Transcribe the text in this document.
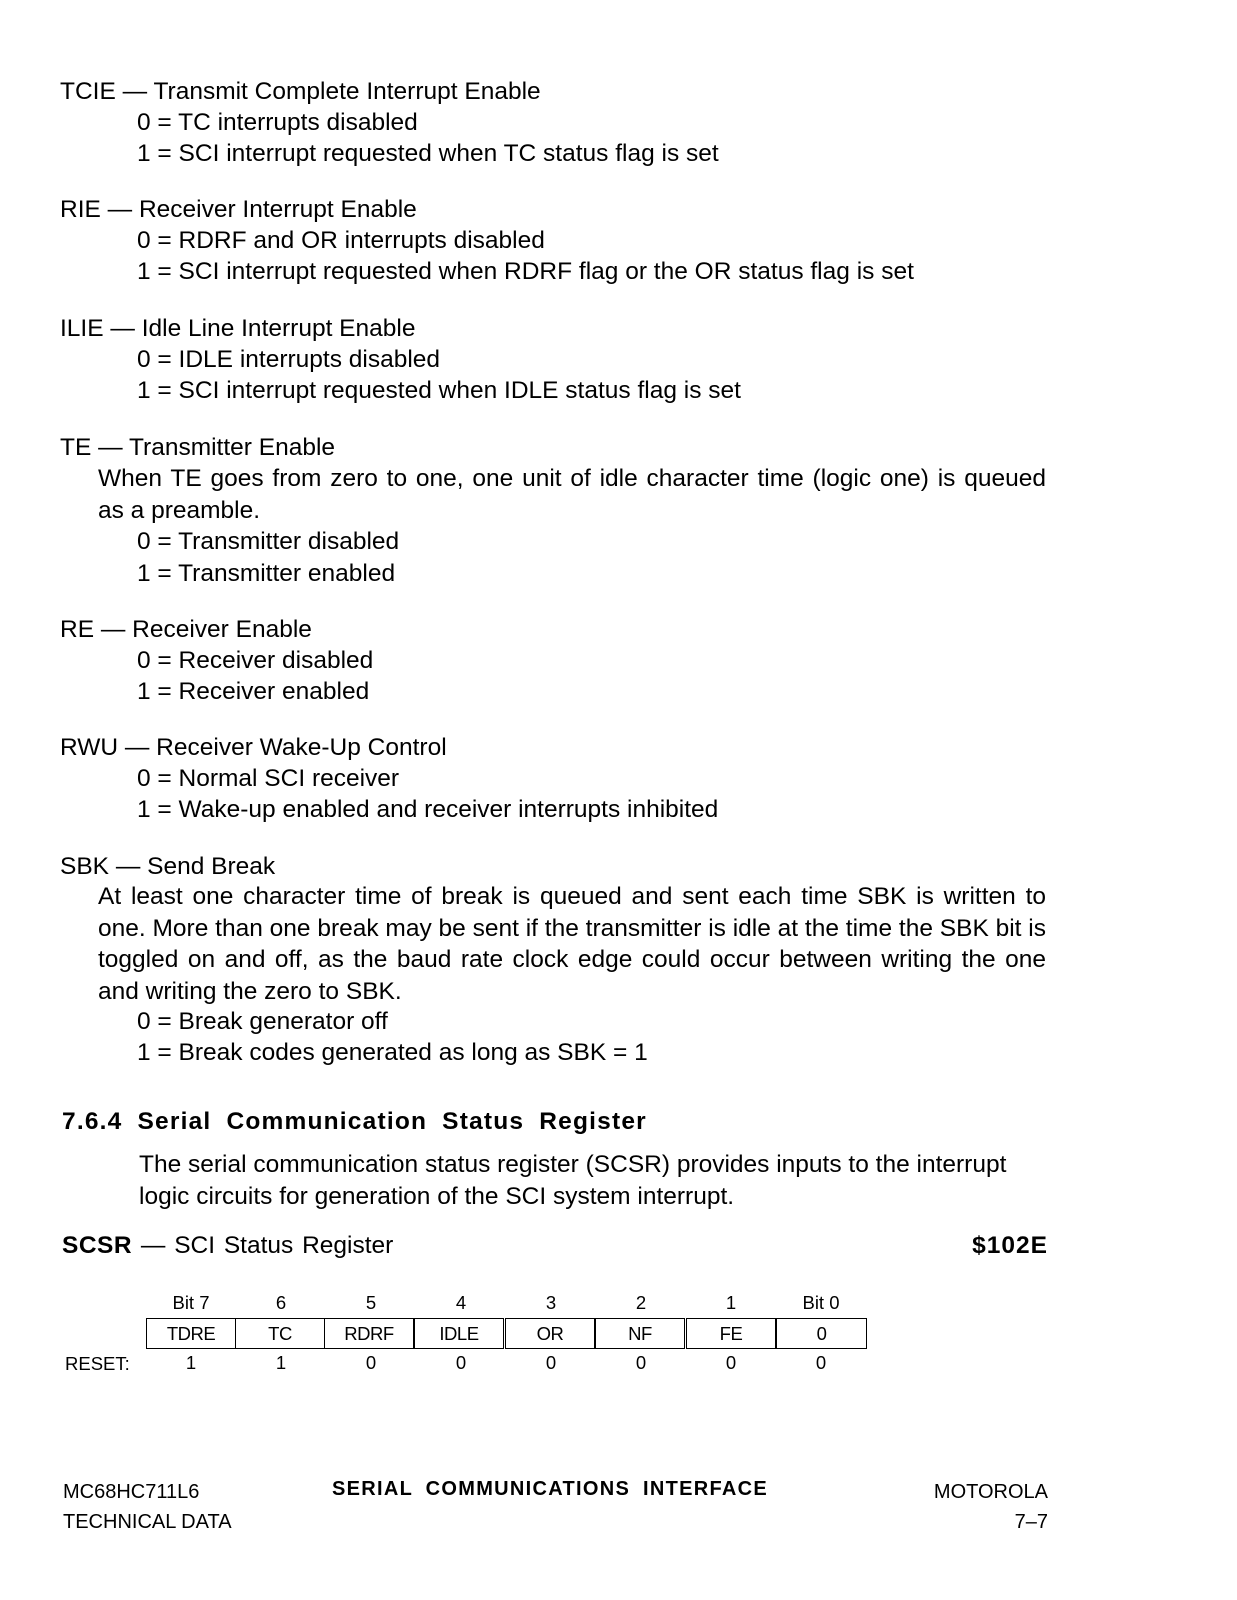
TCIE — Transmit Complete Interrupt Enable
0 = TC interrupts disabled
1 = SCI interrupt requested when TC status flag is set
RIE — Receiver Interrupt Enable
0 = RDRF and OR interrupts disabled
1 = SCI interrupt requested when RDRF flag or the OR status flag is set
ILIE — Idle Line Interrupt Enable
0 = IDLE interrupts disabled
1 = SCI interrupt requested when IDLE status flag is set
TE — Transmitter Enable
When TE goes from zero to one, one unit of idle character time (logic one) is queued as a preamble.
0 = Transmitter disabled
1 = Transmitter enabled
RE — Receiver Enable
0 = Receiver disabled
1 = Receiver enabled
RWU — Receiver Wake-Up Control
0 = Normal SCI receiver
1 = Wake-up enabled and receiver interrupts inhibited
SBK — Send Break
At least one character time of break is queued and sent each time SBK is written to one. More than one break may be sent if the transmitter is idle at the time the SBK bit is toggled on and off, as the baud rate clock edge could occur between writing the one and writing the zero to SBK.
0 = Break generator off
1 = Break codes generated as long as SBK = 1
7.6.4 Serial Communication Status Register
The serial communication status register (SCSR) provides inputs to the interrupt logic circuits for generation of the SCI system interrupt.
SCSR — SCI Status Register	$102E
Bit 7	6	5	4	3	2	1	Bit 0
TDRE	TC	RDRF	IDLE	OR	NF	FE	0
RESET:	1	1	0	0	0	0	0	0
MC68HC711L6
TECHNICAL DATA
SERIAL COMMUNICATIONS INTERFACE	MOTOROLA
7–7
